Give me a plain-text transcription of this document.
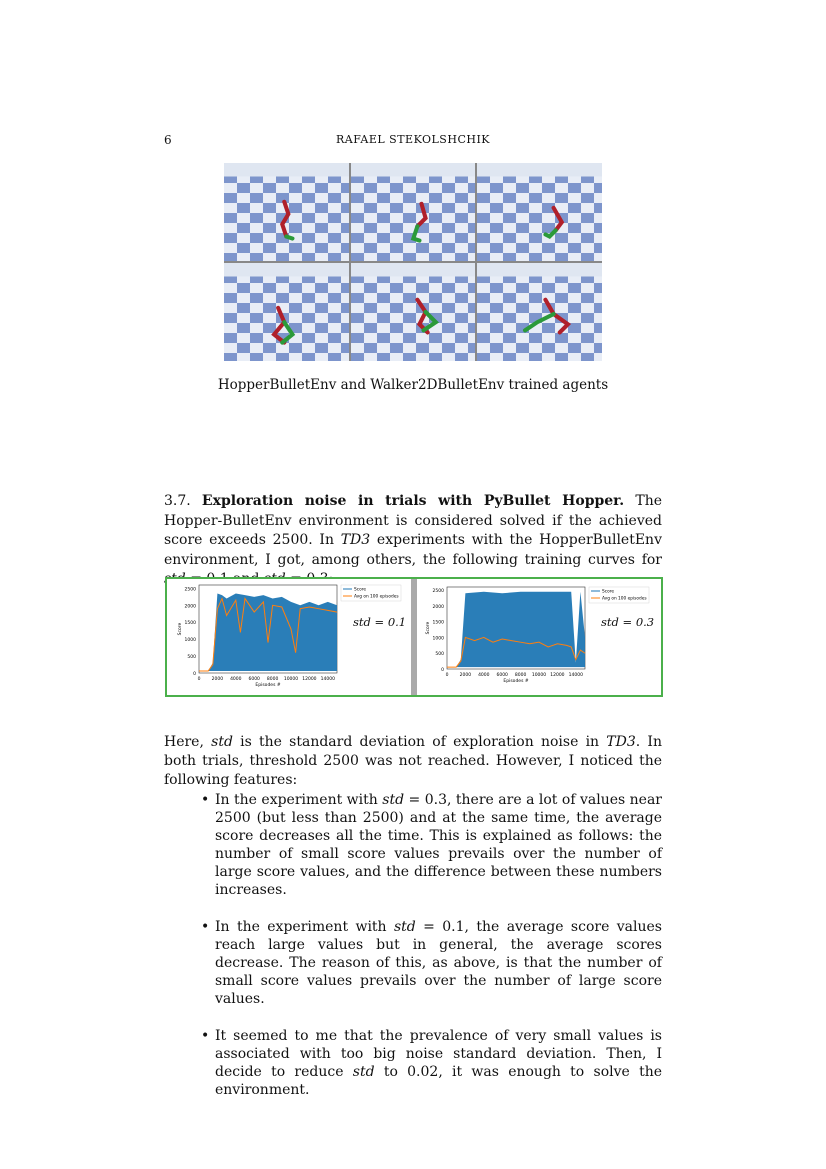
6	RAFAEL STEKOLSHCHIK
HopperBulletEnv and Walker2DBulletEnv trained agents
3.7. Exploration noise in trials with PyBullet Hopper. The Hopper-BulletEnv environment is considered solved if the achieved score exceeds 2500. In TD3 experiments with the HopperBulletEnv environment, I got, among others, the following training curves for
0
500
1000
1500
2000
2500
0 2000 4000 6000 8000 10000 12000 14000
Episodes #
Score
Score
Avg on 100 episodes
0
500
1000
1500
2000
2500
0 2000 4000 6000 8000 10000 12000 14000
Episodes #
Score
Score
Avg on 100 episodes
std = 0.1	std = 0.3
Here, std is the standard deviation of exploration noise in TD3. In both trials, threshold 2500 was not reached. However, I noticed the following features:
• In the experiment with std = 0.3, there are a lot of values near 2500 (but less than 2500) and at the same time, the average score decreases all the time. This is explained as follows: the number of small score values prevails over the number of large score values, and the difference between these numbers increases.
• In the experiment with std = 0.1, the average score values reach large values but in general, the average scores decrease. The reason of this, as above, is that the number of small score values prevails over the number of large score values.
• It seemed to me that the prevalence of very small values is associated with too big noise standard deviation. Then, I decide to reduce std to 0.02, it was enough to solve the environment.
